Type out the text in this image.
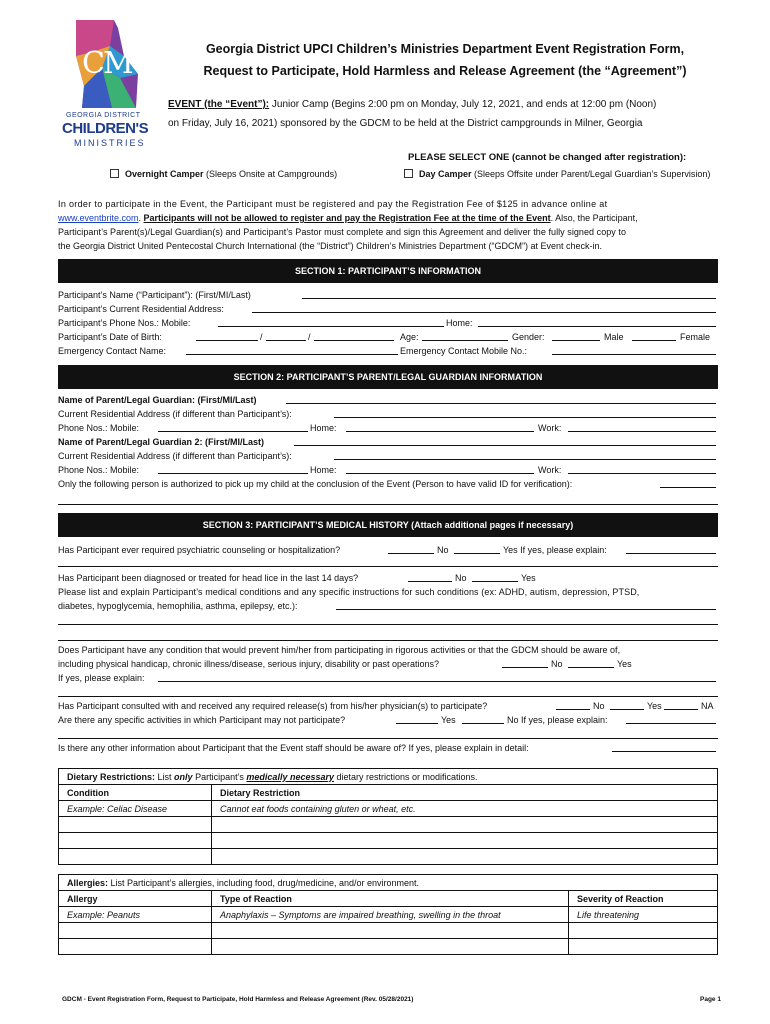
CM
GEORGIA DISTRICT
CHILDREN'S
MINISTRIES
Georgia District UPCI Children’s Ministries Department Event Registration Form,
Request to Participate, Hold Harmless and Release Agreement (the “Agreement”)
EVENT (the “Event”): Junior Camp (Begins 2:00 pm on Monday, July 12, 2021, and ends at 12:00 pm (Noon)
on Friday, July 16, 2021) sponsored by the GDCM to be held at the District campgrounds in Milner, Georgia
PLEASE SELECT ONE (cannot be changed after registration):
Overnight Camper (Sleeps Onsite at Campgrounds)	Day Camper (Sleeps Offsite under Parent/Legal Guardian’s Supervision)
In order to participate in the Event, the Participant must be registered and pay the Registration Fee of $125 in advance online at
www.eventbrite.com. Participants will not be allowed to register and pay the Registration Fee at the time of the Event. Also, the Participant,
Participant’s Parent(s)/Legal Guardian(s) and Participant’s Pastor must complete and sign this Agreement and deliver the fully signed copy to
the Georgia District United Pentecostal Church International (the “District”) Children’s Ministries Department (“GDCM”) at Event check-in.
SECTION 1: PARTICIPANT’S INFORMATION
Participant’s Name (“Participant”): (First/MI/Last)
Participant’s Current Residential Address:
Participant’s Phone Nos.: Mobile:	Home:
Participant’s Date of Birth:	/	/	Age:	Gender:	Male	Female
Emergency Contact Name:	Emergency Contact Mobile No.:
SECTION 2: PARTICIPANT’S PARENT/LEGAL GUARDIAN INFORMATION
Name of Parent/Legal Guardian: (First/MI/Last)
Current Residential Address (if different than Participant’s):
Phone Nos.: Mobile:	Home:	Work:
Name of Parent/Legal Guardian 2: (First/MI/Last)
Current Residential Address (if different than Participant’s):
Phone Nos.: Mobile:	Home:	Work:
Only the following person is authorized to pick up my child at the conclusion of the Event (Person to have valid ID for verification):
SECTION 3: PARTICIPANT’S MEDICAL HISTORY (Attach additional pages if necessary)
Has Participant ever required psychiatric counseling or hospitalization?	No	Yes If yes, please explain:
Has Participant been diagnosed or treated for head lice in the last 14 days?	No	Yes
Please list and explain Participant’s medical conditions and any specific instructions for such conditions (ex: ADHD, autism, depression, PTSD,
diabetes, hypoglycemia, hemophilia, asthma, epilepsy, etc.):
Does Participant have any condition that would prevent him/her from participating in rigorous activities or that the GDCM should be aware of,
including physical handicap, chronic illness/disease, serious injury, disability or past operations?	No	Yes
If yes, please explain:
Has Participant consulted with and received any required release(s) from his/her physician(s) to participate?	No	Yes	NA
Are there any specific activities in which Participant may not participate?	Yes	No If yes, please explain:
Is there any other information about Participant that the Event staff should be aware of? If yes, please explain in detail:
Dietary Restrictions: List only Participant’s medically necessary dietary restrictions or modifications.	
Condition	Dietary Restriction
Example: Celiac Disease	Cannot eat foods containing gluten or wheat, etc.

Allergies: List Participant’s allergies, including food, drug/medicine, and/or environment.		
Allergy	Type of Reaction	Severity of Reaction
Example: Peanuts	Anaphylaxis – Symptoms are impaired breathing, swelling in the throat	Life threatening

GDCM - Event Registration Form, Request to Participate, Hold Harmless and Release Agreement (Rev. 05/28/2021)	Page 1
